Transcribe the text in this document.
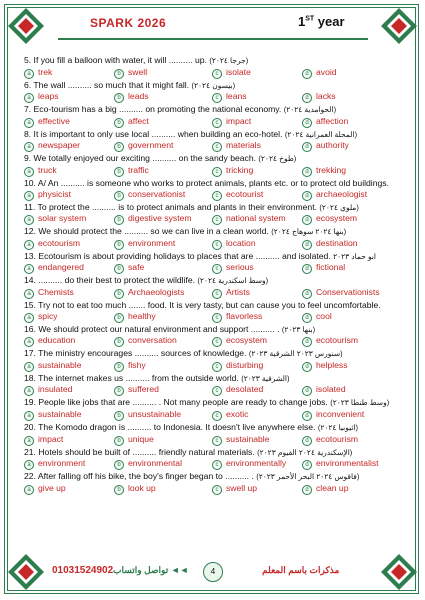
SPARK 2026	1ST year
5. If you fill a balloon with water, it will .......... up. (جرجا ٢٠٢٤)
a trek	b swell	c isolate	d avoid
6. The wall .......... so much that it might fall. (بيسون ٢٠٢٤)
a leaps	b leads	c leans	d lacks
7. Eco-tourism has a big .......... on promoting the national economy. (الحوامدية ٢٠٢٤)
a effective	b affect	c impact	d affection
8. It is important to only use local .......... when building an eco-hotel. (المحلة العمرانية ٢٠٢٤)
a newspaper	b government	c materials	d authority
9. We totally enjoyed our exciting .......... on the sandy beach. (طوخ ٢٠٢٤)
a truck	b traffic	c tricking	d trekking
10. A/ An .......... is someone who works to protect animals, plants etc. or to protect old buildings.
a physicist	b conservationist	c ecotourist	d archaeologist
11. To protect the .......... is to protect animals and plants in their environment. (ملوي ٢٠٢٤)
a solar system	b digestive system	c national system	d ecosystem
12. We should protect the .......... so we can live in a clean world. (بنها ٢٠٢٤ سوهاج ٢٠٢٤)
a ecotourism	b environment	c location	d destination
13. Ecotourism is about providing holidays to places that are .......... and isolated. ابو حماد ٢٠٢٣
a endangered	b safe	c serious	d fictional
14. .......... do their best to protect the wildlife. (وسط اسكندرية ٢٠٢٤)
a Chemists	b Archaeologists	c Artists	d Conservationists
15. Try not to eat too much ....... food. It is very tasty, but can cause you to feel uncomfortable.
a spicy	b healthy	c flavorless	d cool
16. We should protect our natural environment and support .......... . (بنها ٢٠٢٣)
a education	b conversation	c ecosystem	d ecotourism
17. The ministry encourages .......... sources of knowledge. (سنورس ٢٠٢٣ الشرقية ٢٠٢٣)
a sustainable	b fishy	c disturbing	d helpless
18. The internet makes us .......... from the outside world. (الشرقية ٢٠٢٣)
a insulated	b suffered	c desolated	d isolated
19. People like jobs that are .......... . Not many people are ready to change jobs. (وسط طنطا ٢٠٢٣)
a sustainable	b unsustainable	c exotic	d inconvenient
20. The Komodo dragon is .......... to Indonesia. It doesn't live anywhere else. (اثيوبيا ٢٠٢٤)
a impact	b unique	c sustainable	d ecotourism
21. Hotels should be built of .......... friendly natural materials. (الإسكندرية ٢٠٢٤ الفيوم ٢٠٢٣)
a environment	b environmental	c environmentally	d environmentalist
22. After falling off his bike, the boy's finger began to .......... . (فاقوس ٢٠٢٤ البحر الأحمر ٢٠٢٣)
a give up	b look up	c swell up	d clean up
01031524902 تواصل واتساب ◄◄	4	مذكرات باسم المعلم
